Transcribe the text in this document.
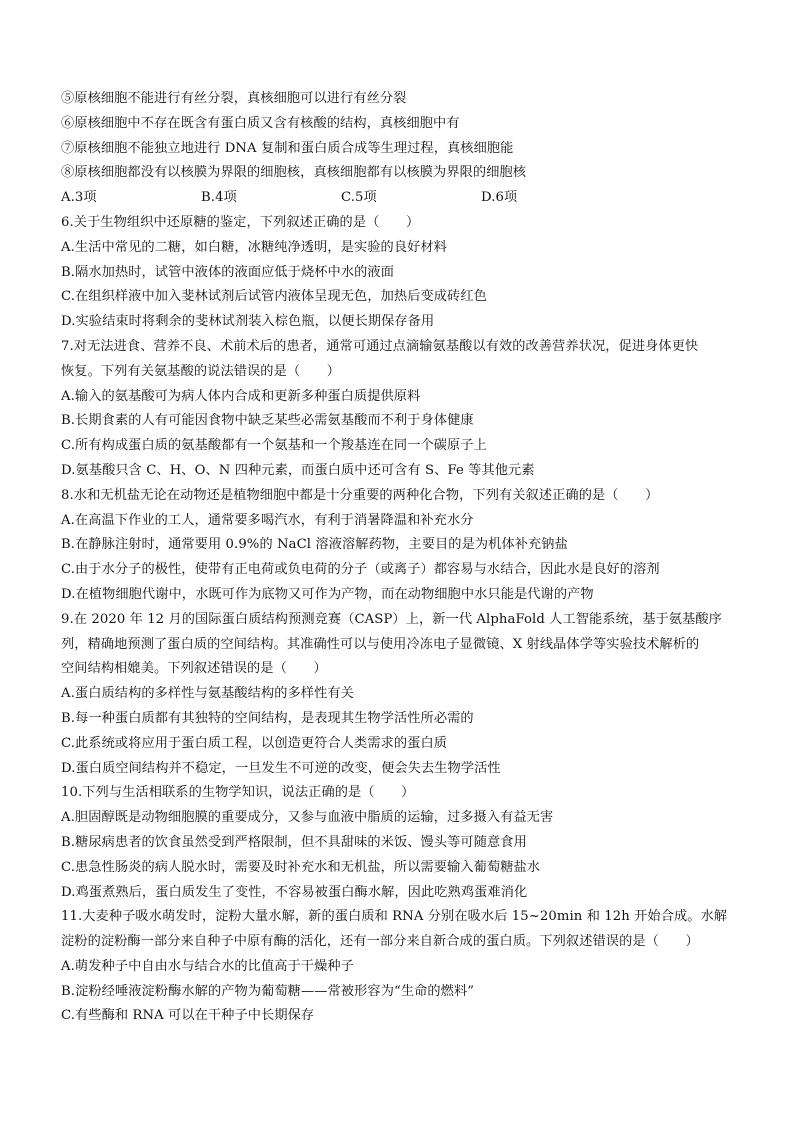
⑤原核细胞不能进行有丝分裂，真核细胞可以进行有丝分裂
⑥原核细胞中不存在既含有蛋白质又含有核酸的结构，真核细胞中有
⑦原核细胞不能独立地进行 DNA 复制和蛋白质合成等生理过程，真核细胞能
⑧原核细胞都没有以核膜为界限的细胞核，真核细胞都有以核膜为界限的细胞核
A.3项	B.4项	C.5项	D.6项
6.关于生物组织中还原糖的鉴定，下列叙述正确的是（　　）
A.生活中常见的二糖，如白糖，冰糖纯净透明，是实验的良好材料
B.隔水加热时，试管中液体的液面应低于烧杯中水的液面
C.在组织样液中加入斐林试剂后试管内液体呈现无色，加热后变成砖红色
D.实验结束时将剩余的斐林试剂装入棕色瓶，以便长期保存备用
7.对无法进食、营养不良、术前术后的患者，通常可通过点滴输氨基酸以有效的改善营养状况，促进身体更快
恢复。下列有关氨基酸的说法错误的是（　　）
A.输入的氨基酸可为病人体内合成和更新多种蛋白质提供原料
B.长期食素的人有可能因食物中缺乏某些必需氨基酸而不利于身体健康
C.所有构成蛋白质的氨基酸都有一个氨基和一个羧基连在同一个碳原子上
D.氨基酸只含 C、H、O、N 四种元素，而蛋白质中还可含有 S、Fe 等其他元素
8.水和无机盐无论在动物还是植物细胞中都是十分重要的两种化合物，下列有关叙述正确的是（　　）
A.在高温下作业的工人，通常要多喝汽水，有利于消暑降温和补充水分
B.在静脉注射时，通常要用 0.9%的 NaCl 溶液溶解药物，主要目的是为机体补充钠盐
C.由于水分子的极性，使带有正电荷或负电荷的分子（或离子）都容易与水结合，因此水是良好的溶剂
D.在植物细胞代谢中，水既可作为底物又可作为产物，而在动物细胞中水只能是代谢的产物
9.在 2020 年 12 月的国际蛋白质结构预测竞赛（CASP）上，新一代 AlphaFold 人工智能系统，基于氨基酸序
列，精确地预测了蛋白质的空间结构。其准确性可以与使用冷冻电子显微镜、X 射线晶体学等实验技术解析的
空间结构相媲美。下列叙述错误的是（　　）
A.蛋白质结构的多样性与氨基酸结构的多样性有关
B.每一种蛋白质都有其独特的空间结构，是表现其生物学活性所必需的
C.此系统或将应用于蛋白质工程，以创造更符合人类需求的蛋白质
D.蛋白质空间结构并不稳定，一旦发生不可逆的改变，便会失去生物学活性
10.下列与生活相联系的生物学知识，说法正确的是（　　）
A.胆固醇既是动物细胞膜的重要成分，又参与血液中脂质的运输，过多摄入有益无害
B.糖尿病患者的饮食虽然受到严格限制，但不具甜味的米饭、馒头等可随意食用
C.患急性肠炎的病人脱水时，需要及时补充水和无机盐，所以需要输入葡萄糖盐水
D.鸡蛋煮熟后，蛋白质发生了变性，不容易被蛋白酶水解，因此吃熟鸡蛋难消化
11.大麦种子吸水萌发时，淀粉大量水解，新的蛋白质和 RNA 分别在吸水后 15~20min 和 12h 开始合成。水解
淀粉的淀粉酶一部分来自种子中原有酶的活化，还有一部分来自新合成的蛋白质。下列叙述错误的是（　　）
A.萌发种子中自由水与结合水的比值高于干燥种子
B.淀粉经唾液淀粉酶水解的产物为葡萄糖——常被形容为“生命的燃料”
C.有些酶和 RNA 可以在干种子中长期保存
